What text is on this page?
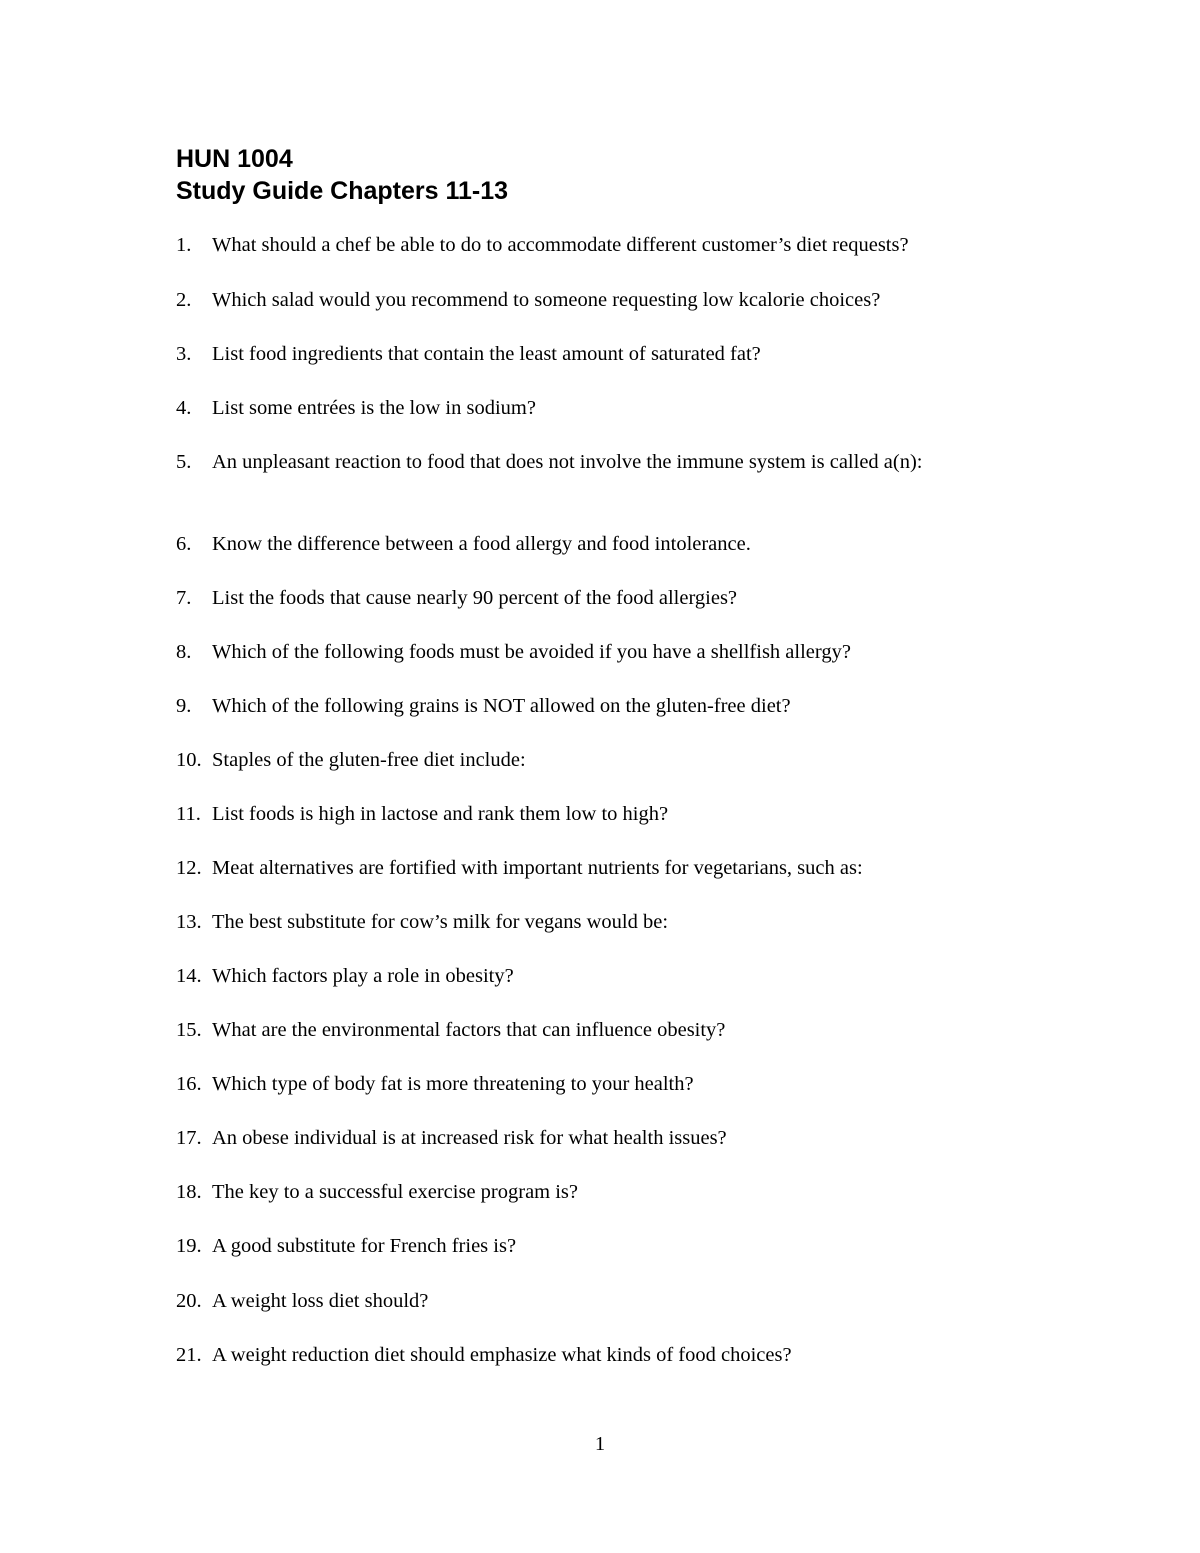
HUN 1004
Study Guide Chapters 11-13
1.	What should a chef be able to do to accommodate different customer’s diet requests?
2.	Which salad would you recommend to someone requesting low kcalorie choices?
3.	List food ingredients that contain the least amount of saturated fat?
4.	List some entrées is the low in sodium?
5.	An unpleasant reaction to food that does not involve the immune system is called a(n):
6.	Know the difference between a food allergy and food intolerance.
7.	List the foods that cause nearly 90 percent of the food allergies?
8.	Which of the following foods must be avoided if you have a shellfish allergy?
9.	Which of the following grains is NOT allowed on the gluten-free diet?
10. Staples of the gluten-free diet include:
11. List foods is high in lactose and rank them low to high?
12. Meat alternatives are fortified with important nutrients for vegetarians, such as:
13. The best substitute for cow’s milk for vegans would be:
14. Which factors play a role in obesity?
15. What are the environmental factors that can influence obesity?
16. Which type of body fat is more threatening to your health?
17. An obese individual is at increased risk for what health issues?
18. The key to a successful exercise program is?
19. A good substitute for French fries is?
20. A weight loss diet should?
21. A weight reduction diet should emphasize what kinds of food choices?
1
